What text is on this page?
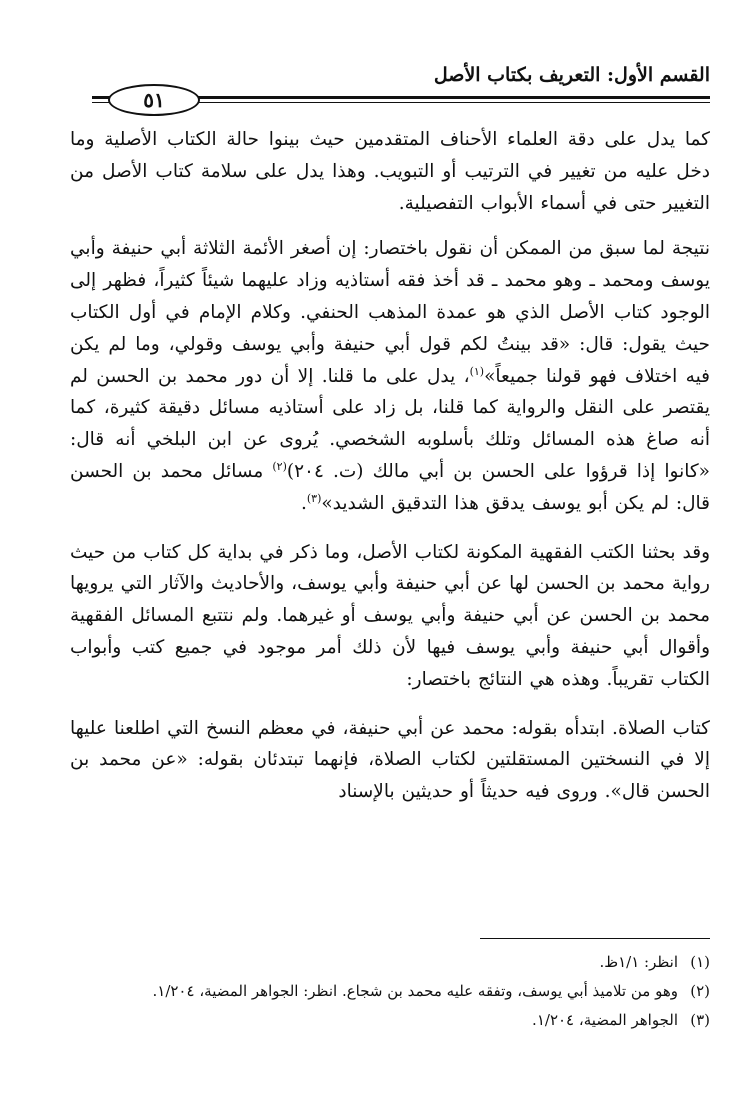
القسم الأول: التعريف بكتاب الأصل
٥١

كما يدل على دقة العلماء الأحناف المتقدمين حيث بينوا حالة الكتاب الأصلية وما دخل عليه من تغيير في الترتيب أو التبويب. وهذا يدل على سلامة كتاب الأصل من التغيير حتى في أسماء الأبواب التفصيلية.

نتيجة لما سبق من الممكن أن نقول باختصار: إن أصغر الأئمة الثلاثة أبي حنيفة وأبي يوسف ومحمد ـ وهو محمد ـ قد أخذ فقه أستاذيه وزاد عليهما شيئاً كثيراً، فظهر إلى الوجود كتاب الأصل الذي هو عمدة المذهب الحنفي. وكلام الإمام في أول الكتاب حيث يقول: قال: «قد بينتُ لكم قول أبي حنيفة وأبي يوسف وقولي، وما لم يكن فيه اختلاف فهو قولنا جميعاً»$^{(١)}$، يدل على ما قلنا. إلا أن دور محمد بن الحسن لم يقتصر على النقل والرواية كما قلنا، بل زاد على أستاذيه مسائل دقيقة كثيرة، كما أنه صاغ هذه المسائل وتلك بأسلوبه الشخصي. يُروى عن ابن البلخي أنه قال: «كانوا إذا قرؤوا على الحسن بن أبي مالك (ت. ٢٠٤)$^{(٢)}$ مسائل محمد بن الحسن قال: لم يكن أبو يوسف يدقق هذا التدقيق الشديد»$^{(٣)}$.

وقد بحثنا الكتب الفقهية المكونة لكتاب الأصل، وما ذكر في بداية كل كتاب من حيث رواية محمد بن الحسن لها عن أبي حنيفة وأبي يوسف، والأحاديث والآثار التي يرويها محمد بن الحسن عن أبي حنيفة وأبي يوسف أو غيرهما. ولم نتتبع المسائل الفقهية وأقوال أبي حنيفة وأبي يوسف فيها لأن ذلك أمر موجود في جميع كتب وأبواب الكتاب تقريباً. وهذه هي النتائج باختصار:

كتاب الصلاة. ابتدأه بقوله: محمد عن أبي حنيفة، في معظم النسخ التي اطلعنا عليها إلا في النسختين المستقلتين لكتاب الصلاة، فإنهما تبتدئان بقوله: «عن محمد بن الحسن قال». وروى فيه حديثاً أو حديثين بالإسناد

(١)انظر: ١/١ظ.

(٢)وهو من تلاميذ أبي يوسف، وتفقه عليه محمد بن شجاع. انظر: الجواهر المضية، ١/٢٠٤.

(٣)الجواهر المضية، ١/٢٠٤.
